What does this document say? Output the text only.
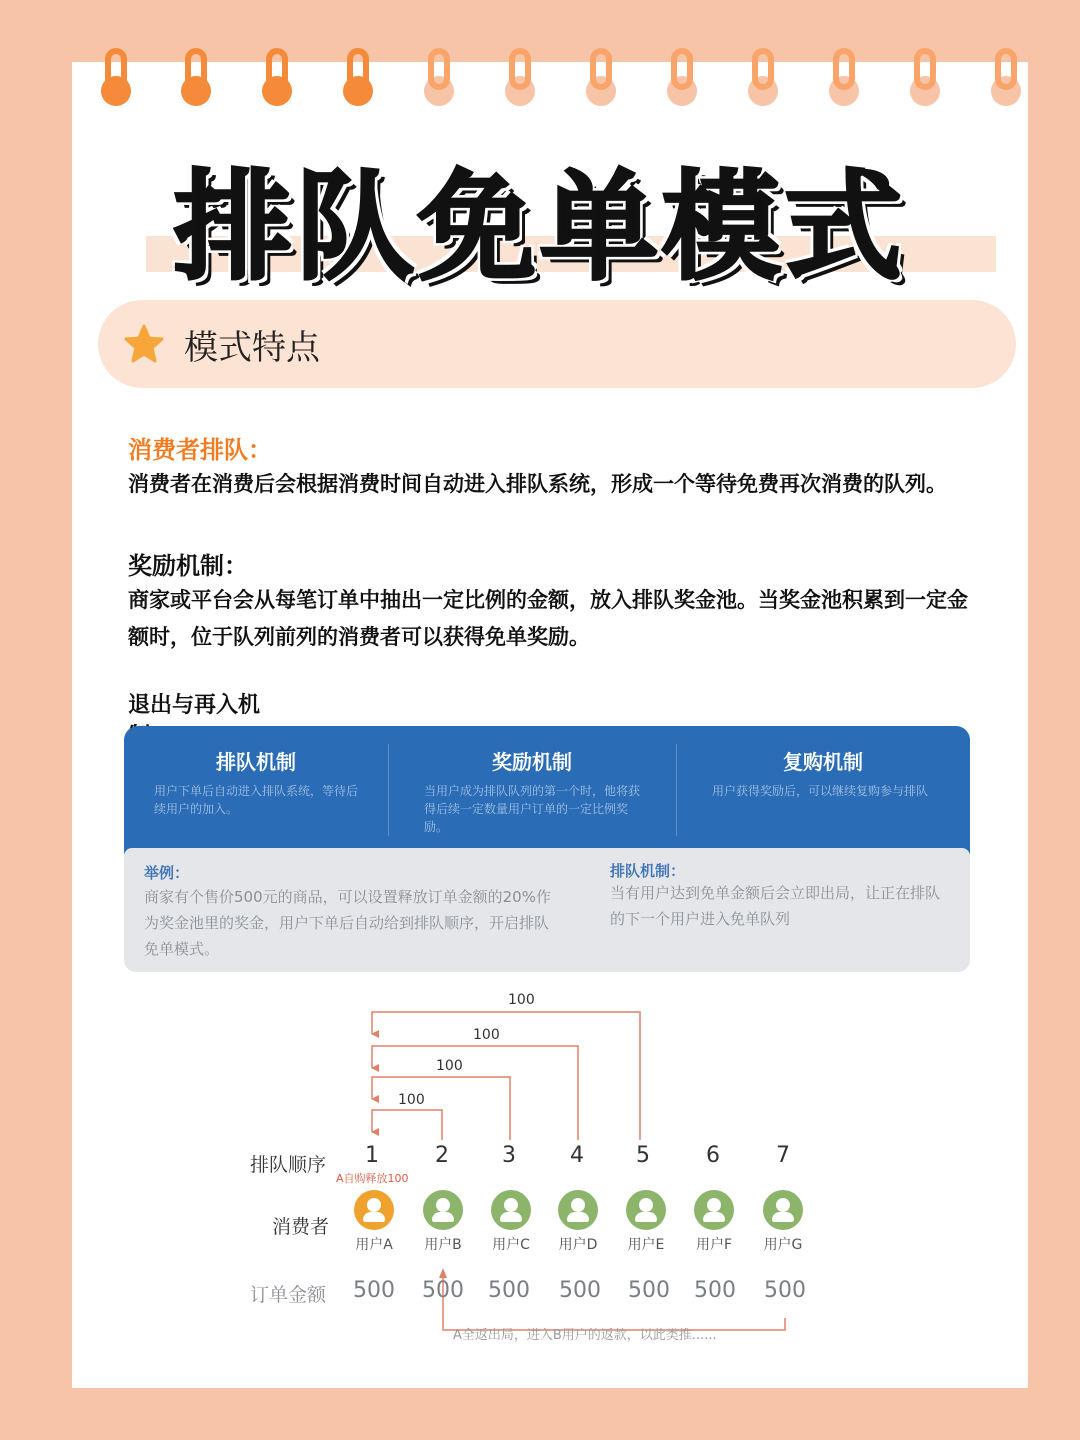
排队免单模式
模式特点
消费者排队：
消费者在消费后会根据消费时间自动进入排队系统，形成一个等待免费再次消费的队列。
奖励机制：
商家或平台会从每笔订单中抽出一定比例的金额，放入排队奖金池。当奖金池积累到一定金额时，位于队列前列的消费者可以获得免单奖励。
退出与再入机
排队机制

用户下单后自动进入排队系统，等待后续用户的加入。

奖励机制

当用户成为排队队列的第一个时，他将获得后续一定数量用户订单的一定比例奖励。

复购机制

用户获得奖励后，可以继续复购参与排队

举例：

商家有个售价500元的商品，可以设置释放订单金额的20%作为奖金池里的奖金，用户下单后自动给到排队顺序，开启排队免单模式。

排队机制：

当有用户达到免单金额后会立即出局，让正在排队的下一个用户进入免单队列

100
100
100
100
排队顺序
消费者
订单金额
1	2	3	4	5	6	7
A自购释放100
用户A	用户B	用户C	用户D	用户E	用户F	用户G
500	500	500	500	500	500	500
A全返出局，进入B用户的返款，以此类推......
